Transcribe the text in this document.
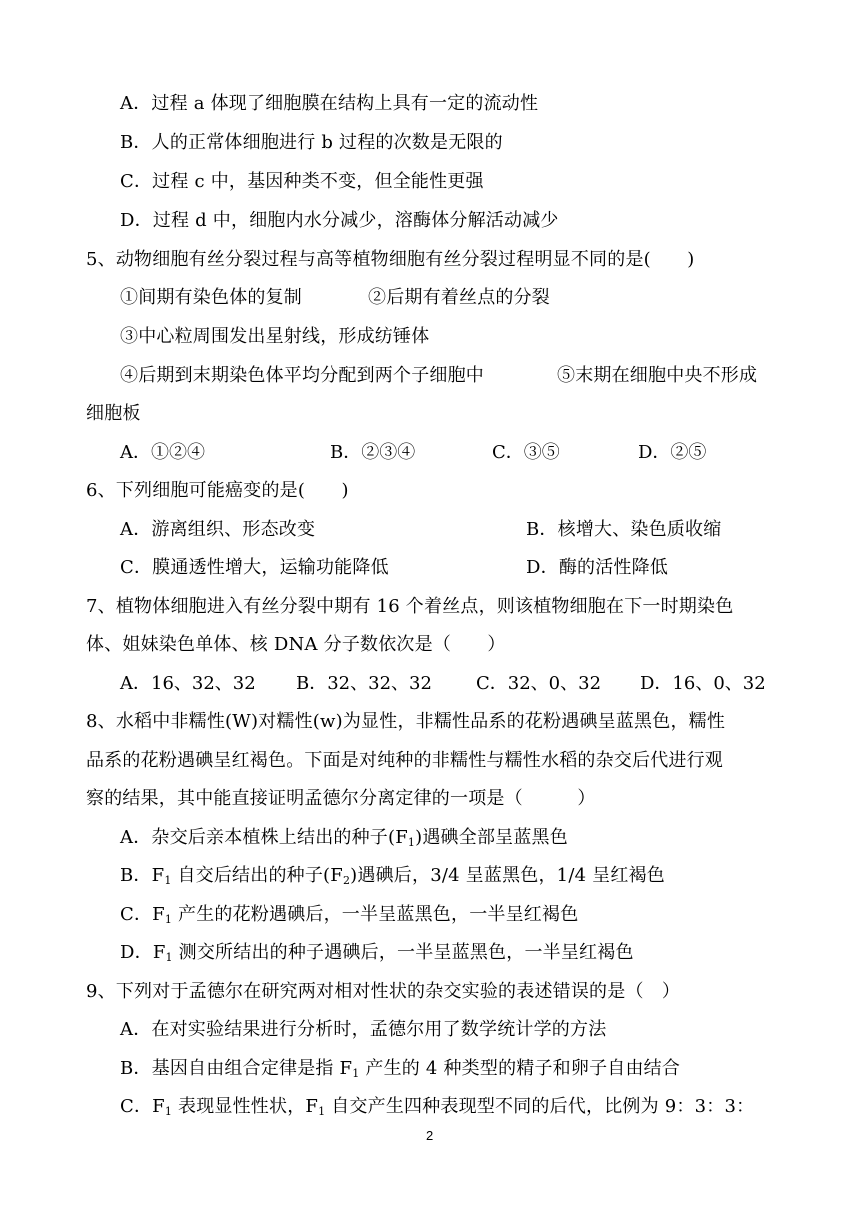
A．过程 a 体现了细胞膜在结构上具有一定的流动性
B．人的正常体细胞进行 b 过程的次数是无限的
C．过程 c 中，基因种类不变，但全能性更强
D．过程 d 中，细胞内水分减少，溶酶体分解活动减少
5、动物细胞有丝分裂过程与高等植物细胞有丝分裂过程明显不同的是(　　)
①间期有染色体的复制	②后期有着丝点的分裂
③中心粒周围发出星射线，形成纺锤体
④后期到末期染色体平均分配到两个子细胞中	⑤末期在细胞中央不形成
细胞板
A．①②④	B．②③④	C．③⑤	D．②⑤
6、下列细胞可能癌变的是(　　)
A．游离组织、形态改变	B．核增大、染色质收缩
C．膜通透性增大，运输功能降低	D．酶的活性降低
7、植物体细胞进入有丝分裂中期有 16 个着丝点，则该植物细胞在下一时期染色
体、姐妹染色单体、核 DNA 分子数依次是（　　）
A．16、32、32 B．32、32、32 C．32、0、32 D．16、0、32
8、水稻中非糯性(W)对糯性(w)为显性，非糯性品系的花粉遇碘呈蓝黑色，糯性
品系的花粉遇碘呈红褐色。下面是对纯种的非糯性与糯性水稻的杂交后代进行观
察的结果，其中能直接证明孟德尔分离定律的一项是（　　　）
A．杂交后亲本植株上结出的种子$(F_1)$遇碘全部呈蓝黑色
B．$F_1$ 自交后结出的种子$(F_2)$遇碘后，3/4 呈蓝黑色，1/4 呈红褐色
C．$F_1$ 产生的花粉遇碘后，一半呈蓝黑色，一半呈红褐色
D．$F_1$ 测交所结出的种子遇碘后，一半呈蓝黑色，一半呈红褐色
9、下列对于孟德尔在研究两对相对性状的杂交实验的表述错误的是（　）
A．在对实验结果进行分析时，孟德尔用了数学统计学的方法
B．基因自由组合定律是指 $F_1$ 产生的 4 种类型的精子和卵子自由结合
C．$F_1$ 表现显性性状，$F_1$ 自交产生四种表现型不同的后代，比例为 9：3：3：
2
